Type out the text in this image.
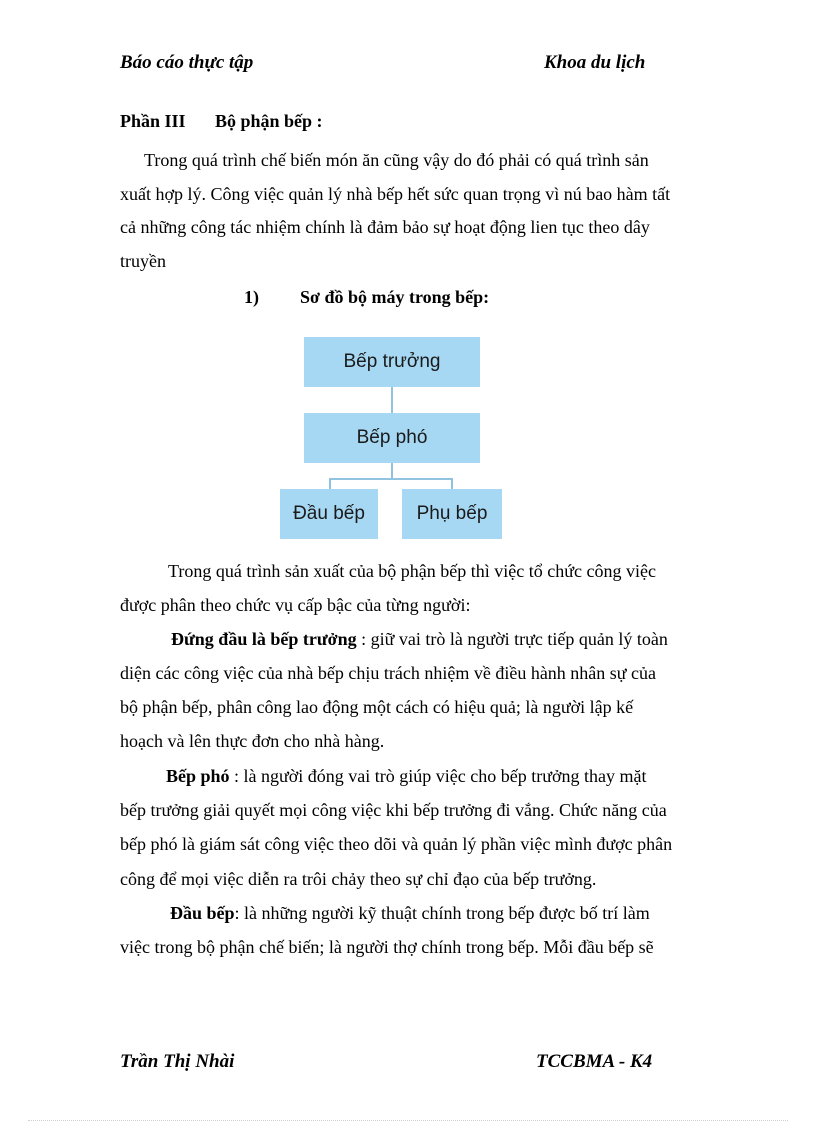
Báo cáo thực tập	Khoa du lịch
Phần III Bộ phận bếp :
Trong quá trình chế biến món ăn cũng vậy do đó phải có quá trình sản
xuất hợp lý. Công việc quản lý nhà bếp hết sức quan trọng vì nú bao hàm tất
cả những công tác nhiệm chính là đảm bảo sự hoạt động lien tục theo dây
truyền
1) Sơ đồ bộ máy trong bếp:
Bếp trưởng
Bếp phó
Đầu bếp	Phụ bếp
Trong quá trình sản xuất của bộ phận bếp thì việc tổ chức công việc
được phân theo chức vụ cấp bậc của từng người:
Đứng đầu là bếp trưởng : giữ vai trò là người trực tiếp quản lý toàn
diện các công việc của nhà bếp chịu trách nhiệm về điều hành nhân sự của
bộ phận bếp, phân công lao động một cách có hiệu quả; là người lập kế
hoạch và lên thực đơn cho nhà hàng.
Bếp phó : là người đóng vai trò giúp việc cho bếp trưởng thay mặt
bếp trưởng giải quyết mọi công việc khi bếp trưởng đi vắng. Chức năng của
bếp phó là giám sát công việc theo dõi và quản lý phần việc mình được phân
công để mọi việc diễn ra trôi chảy theo sự chỉ đạo của bếp trưởng.
Đầu bếp: là những người kỹ thuật chính trong bếp được bố trí làm
việc trong bộ phận chế biến; là người thợ chính trong bếp. Mỗi đầu bếp sẽ
Trần Thị Nhài	TCCBMA - K4
